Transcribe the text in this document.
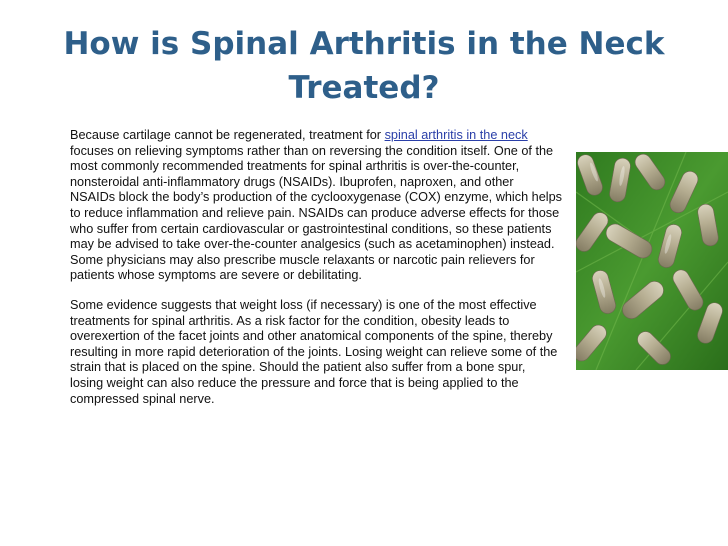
How is Spinal Arthritis in the Neck Treated?

Because cartilage cannot be regenerated, treatment for spinal arthritis in the neck focuses on relieving symptoms rather than on reversing the condition itself. One of the most commonly recommended treatments for spinal arthritis is over-the-counter, nonsteroidal anti-inflammatory drugs (NSAIDs). Ibuprofen, naproxen, and other NSAIDs block the body’s production of the cyclooxygenase (COX) enzyme, which helps to reduce inflammation and relieve pain. NSAIDs can produce adverse effects for those who suffer from certain cardiovascular or gastrointestinal conditions, so these patients may be advised to take over-the-counter analgesics (such as acetaminophen) instead. Some physicians may also prescribe muscle relaxants or narcotic pain relievers for patients whose symptoms are severe or debilitating.

Some evidence suggests that weight loss (if necessary) is one of the most effective treatments for spinal arthritis. As a risk factor for the condition, obesity leads to overexertion of the facet joints and other anatomical components of the spine, thereby resulting in more rapid deterioration of the joints. Losing weight can relieve some of the strain that is placed on the spine. Should the patient also suffer from a bone spur, losing weight can also reduce the pressure and force that is being applied to the compressed spinal nerve.
